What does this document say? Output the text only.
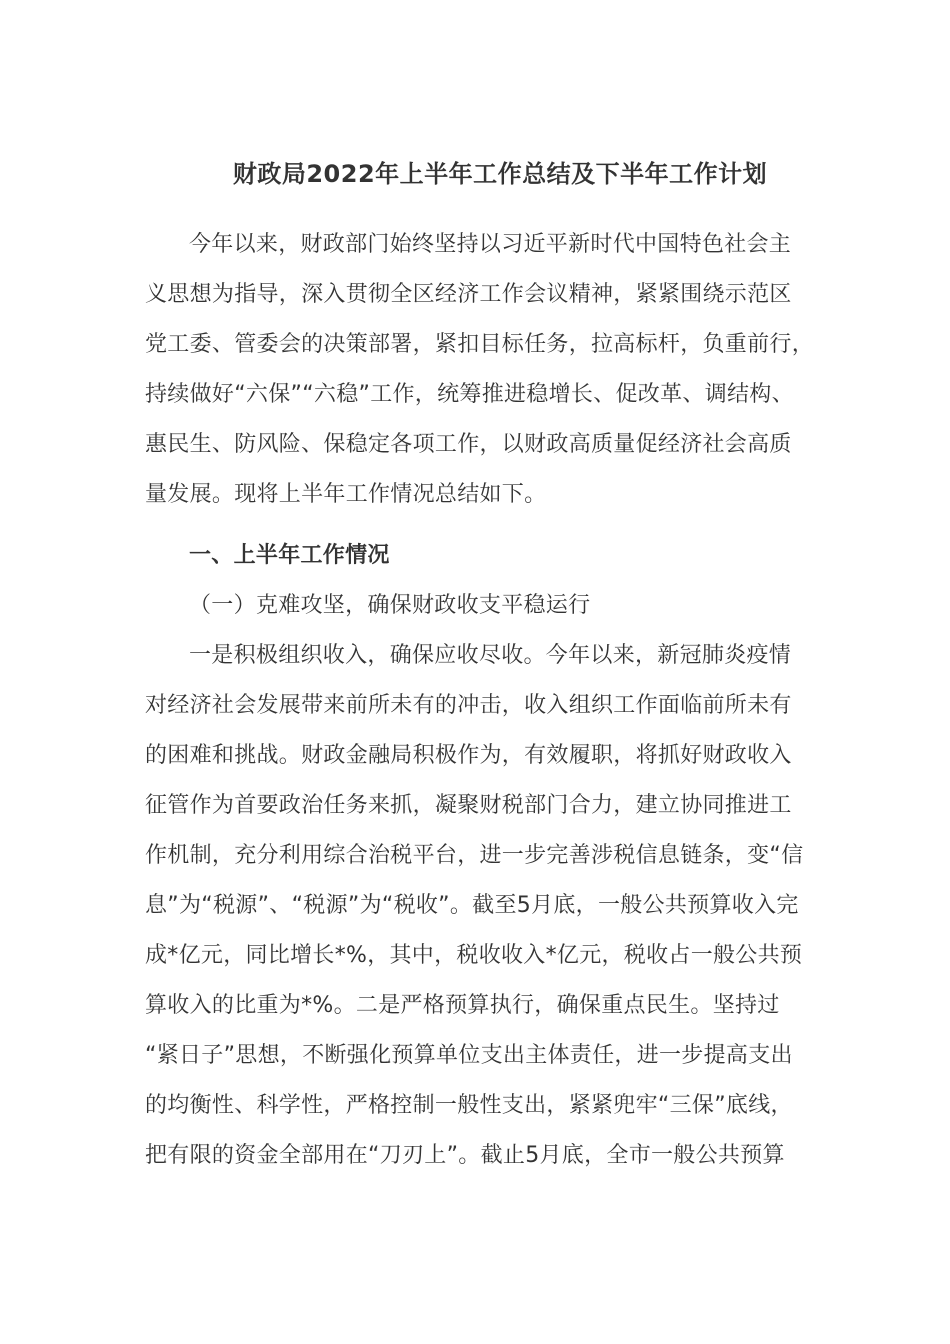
财政局2022年上半年工作总结及下半年工作计划
今年以来，财政部门始终坚持以习近平新时代中国特色社会主
义思想为指导，深入贯彻全区经济工作会议精神，紧紧围绕示范区
党工委、管委会的决策部署，紧扣目标任务，拉高标杆，负重前行，
持续做好“六保”“六稳”工作，统筹推进稳增长、促改革、调结构、
惠民生、防风险、保稳定各项工作，以财政高质量促经济社会高质
量发展。现将上半年工作情况总结如下。
一、上半年工作情况
（一）克难攻坚，确保财政收支平稳运行
一是积极组织收入，确保应收尽收。今年以来，新冠肺炎疫情
对经济社会发展带来前所未有的冲击，收入组织工作面临前所未有
的困难和挑战。财政金融局积极作为，有效履职，将抓好财政收入
征管作为首要政治任务来抓，凝聚财税部门合力，建立协同推进工
作机制，充分利用综合治税平台，进一步完善涉税信息链条，变“信
息”为“税源”、“税源”为“税收”。截至5月底，一般公共预算收入完
成*亿元，同比增长*%，其中，税收收入*亿元，税收占一般公共预
算收入的比重为*%。二是严格预算执行，确保重点民生。坚持过
“紧日子”思想，不断强化预算单位支出主体责任，进一步提高支出
的均衡性、科学性，严格控制一般性支出，紧紧兜牢“三保”底线，
把有限的资金全部用在“刀刃上”。截止5月底，全市一般公共预算
